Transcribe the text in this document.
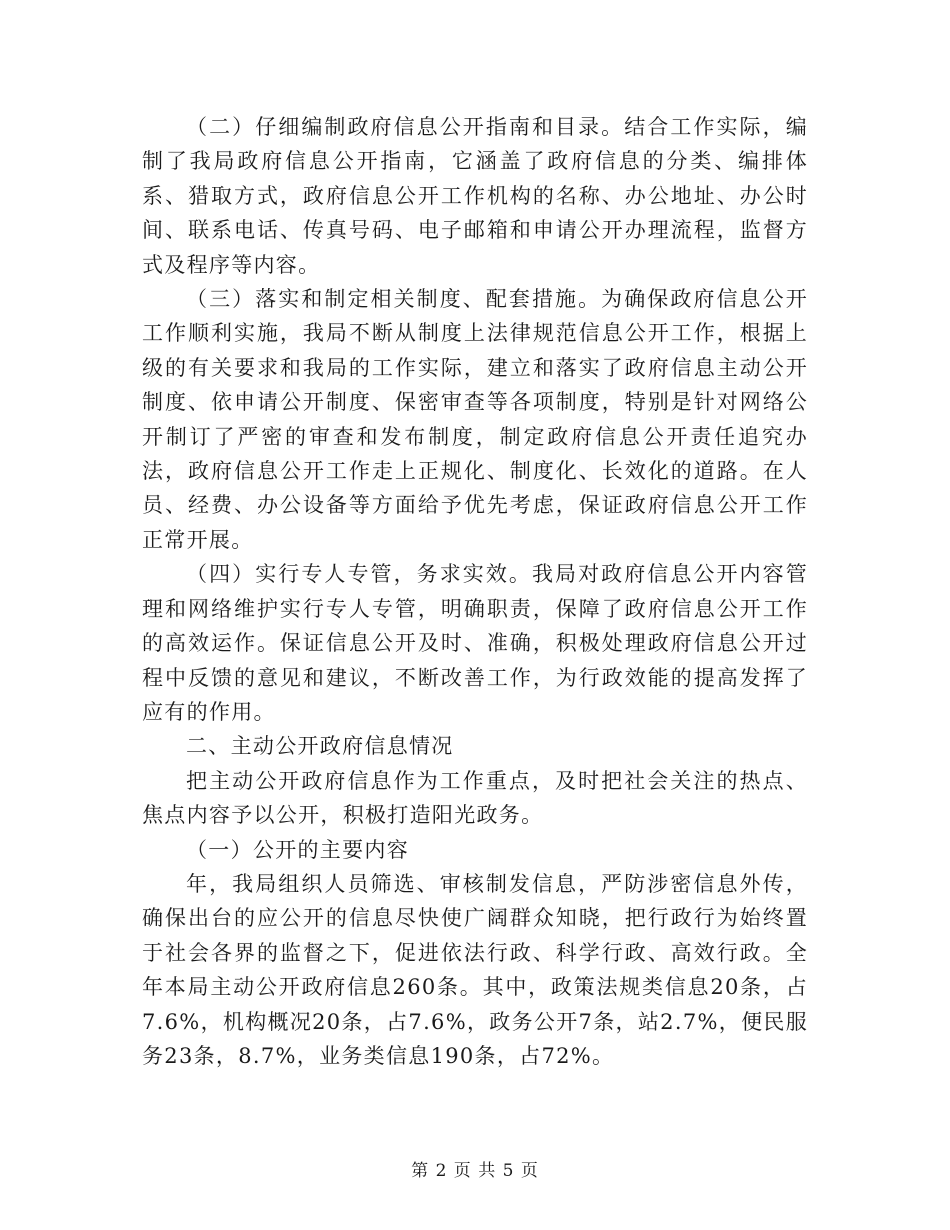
（二）仔细编制政府信息公开指南和目录。结合工作实际，编制了我局政府信息公开指南，它涵盖了政府信息的分类、编排体系、猎取方式，政府信息公开工作机构的名称、办公地址、办公时间、联系电话、传真号码、电子邮箱和申请公开办理流程，监督方式及程序等内容。

（三）落实和制定相关制度、配套措施。为确保政府信息公开工作顺利实施，我局不断从制度上法律规范信息公开工作，根据上级的有关要求和我局的工作实际，建立和落实了政府信息主动公开制度、依申请公开制度、保密审查等各项制度，特别是针对网络公开制订了严密的审查和发布制度，制定政府信息公开责任追究办法，政府信息公开工作走上正规化、制度化、长效化的道路。在人员、经费、办公设备等方面给予优先考虑，保证政府信息公开工作正常开展。

（四）实行专人专管，务求实效。我局对政府信息公开内容管理和网络维护实行专人专管，明确职责，保障了政府信息公开工作的高效运作。保证信息公开及时、准确，积极处理政府信息公开过程中反馈的意见和建议，不断改善工作，为行政效能的提高发挥了应有的作用。

二、主动公开政府信息情况

把主动公开政府信息作为工作重点，及时把社会关注的热点、焦点内容予以公开，积极打造阳光政务。

（一）公开的主要内容

年，我局组织人员筛选、审核制发信息，严防涉密信息外传，确保出台的应公开的信息尽快使广阔群众知晓，把行政行为始终置于社会各界的监督之下，促进依法行政、科学行政、高效行政。全年本局主动公开政府信息260条。其中，政策法规类信息20条，占7.6%，机构概况20条，占7.6%，政务公开7条，站2.7%，便民服务23条，8.7%，业务类信息190条，占72%。

第 2 页 共 5 页
